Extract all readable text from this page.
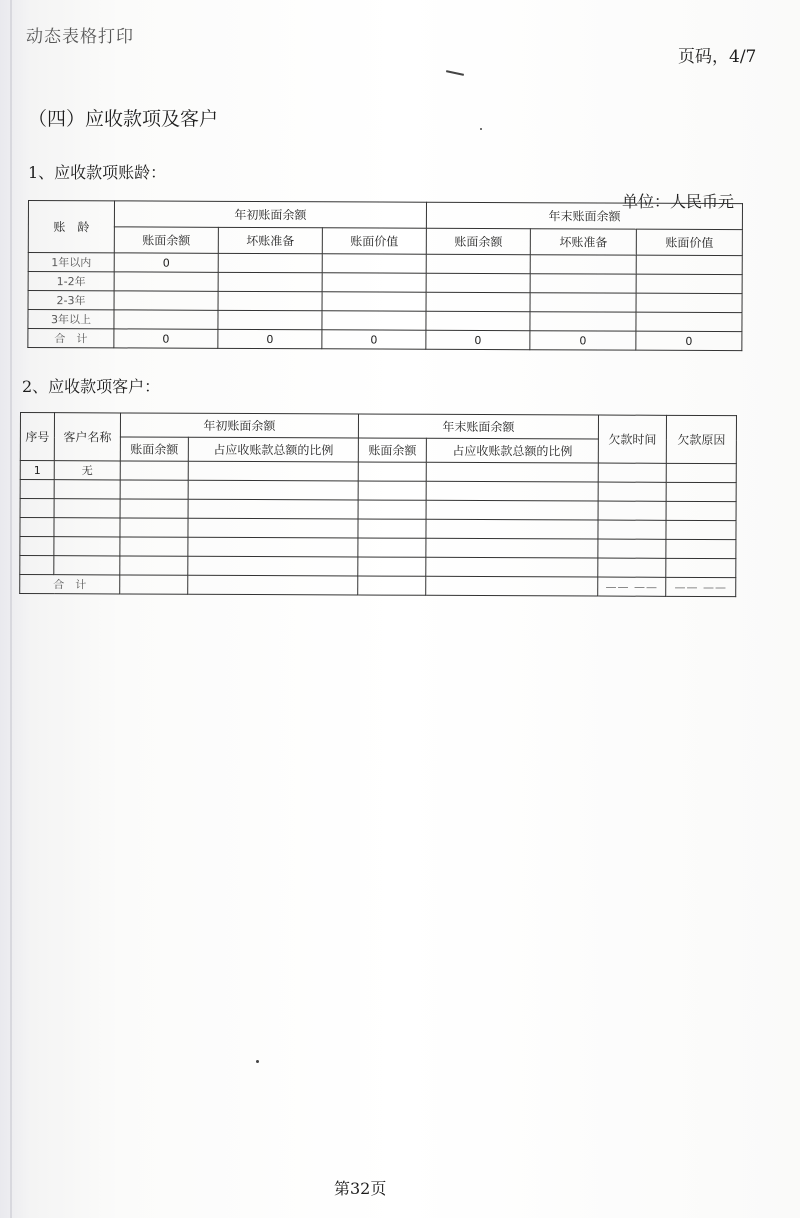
动态表格打印
页码，4/7
（四）应收款项及客户
1、应收款项账龄：
单位：人民币元
账　龄	年初账面余额			年末账面余额		
	账面余额	坏账准备	账面价值	账面余额	坏账准备	账面价值
1年以内	0					
1-2年						
2-3年						
3年以上						
合　计	0	0	0	0	0	0
2、应收款项客户：
序号	客户名称	年初账面余额		年末账面余额		欠款时间	欠款原因
		账面余额	占应收账款总额的比例	账面余额	占应收账款总额的比例		
1	无						

合　计						—— ——	—— ——
第32页
